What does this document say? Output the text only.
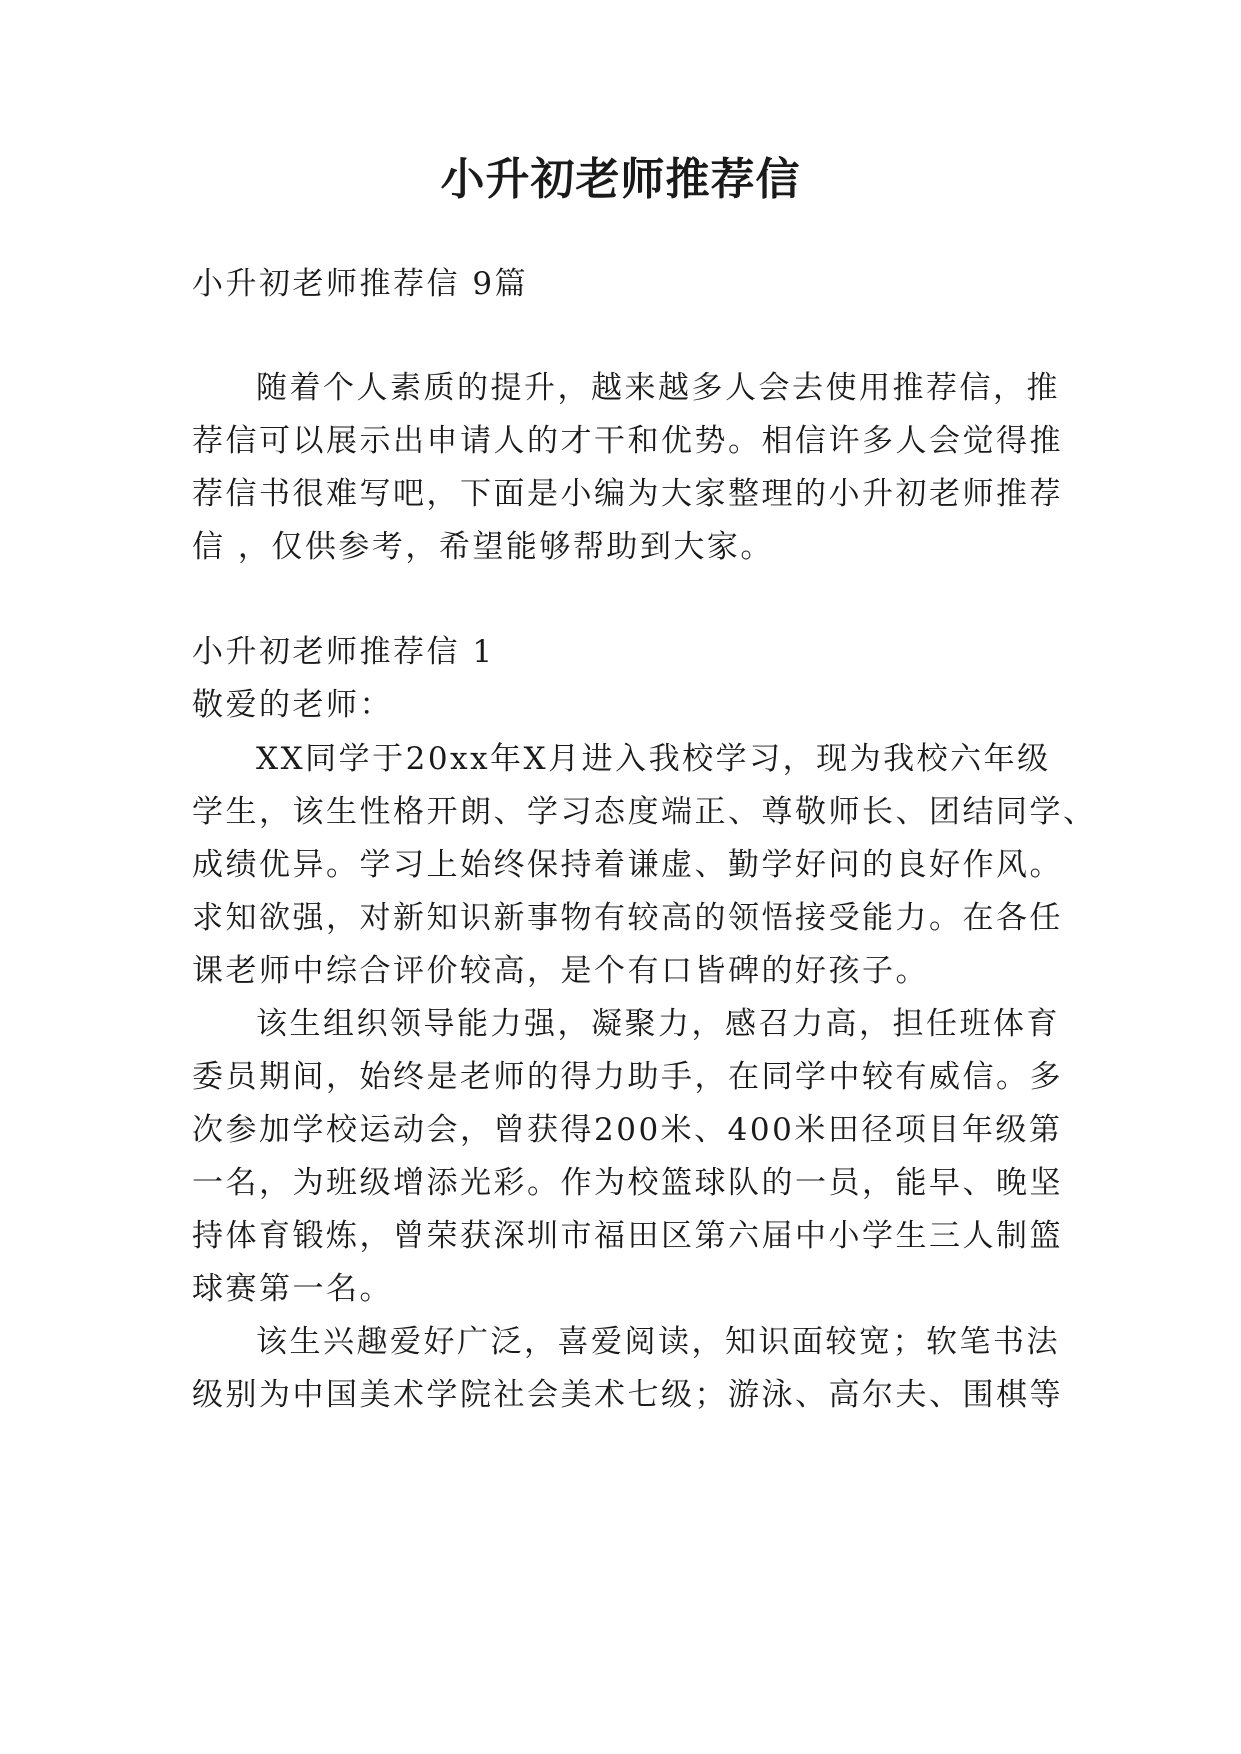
小升初老师推荐信
小升初老师推荐信 9篇
随着个人素质的提升，越来越多人会去使用推荐信，推
荐信可以展示出申请人的才干和优势。相信许多人会觉得推
荐信书很难写吧，下面是小编为大家整理的小升初老师推荐
信 ，仅供参考，希望能够帮助到大家。
小升初老师推荐信 1
敬爱的老师：
XX同学于20xx年X月进入我校学习，现为我校六年级
学生，该生性格开朗、学习态度端正、尊敬师长、团结同学、
成绩优异。学习上始终保持着谦虚、勤学好问的良好作风。
求知欲强，对新知识新事物有较高的领悟接受能力。在各任
课老师中综合评价较高，是个有口皆碑的好孩子。
该生组织领导能力强，凝聚力，感召力高，担任班体育
委员期间，始终是老师的得力助手，在同学中较有威信。多
次参加学校运动会，曾获得200米、400米田径项目年级第
一名，为班级增添光彩。作为校篮球队的一员，能早、晚坚
持体育锻炼，曾荣获深圳市福田区第六届中小学生三人制篮
球赛第一名。
该生兴趣爱好广泛，喜爱阅读，知识面较宽；软笔书法
级别为中国美术学院社会美术七级；游泳、高尔夫、围棋等
